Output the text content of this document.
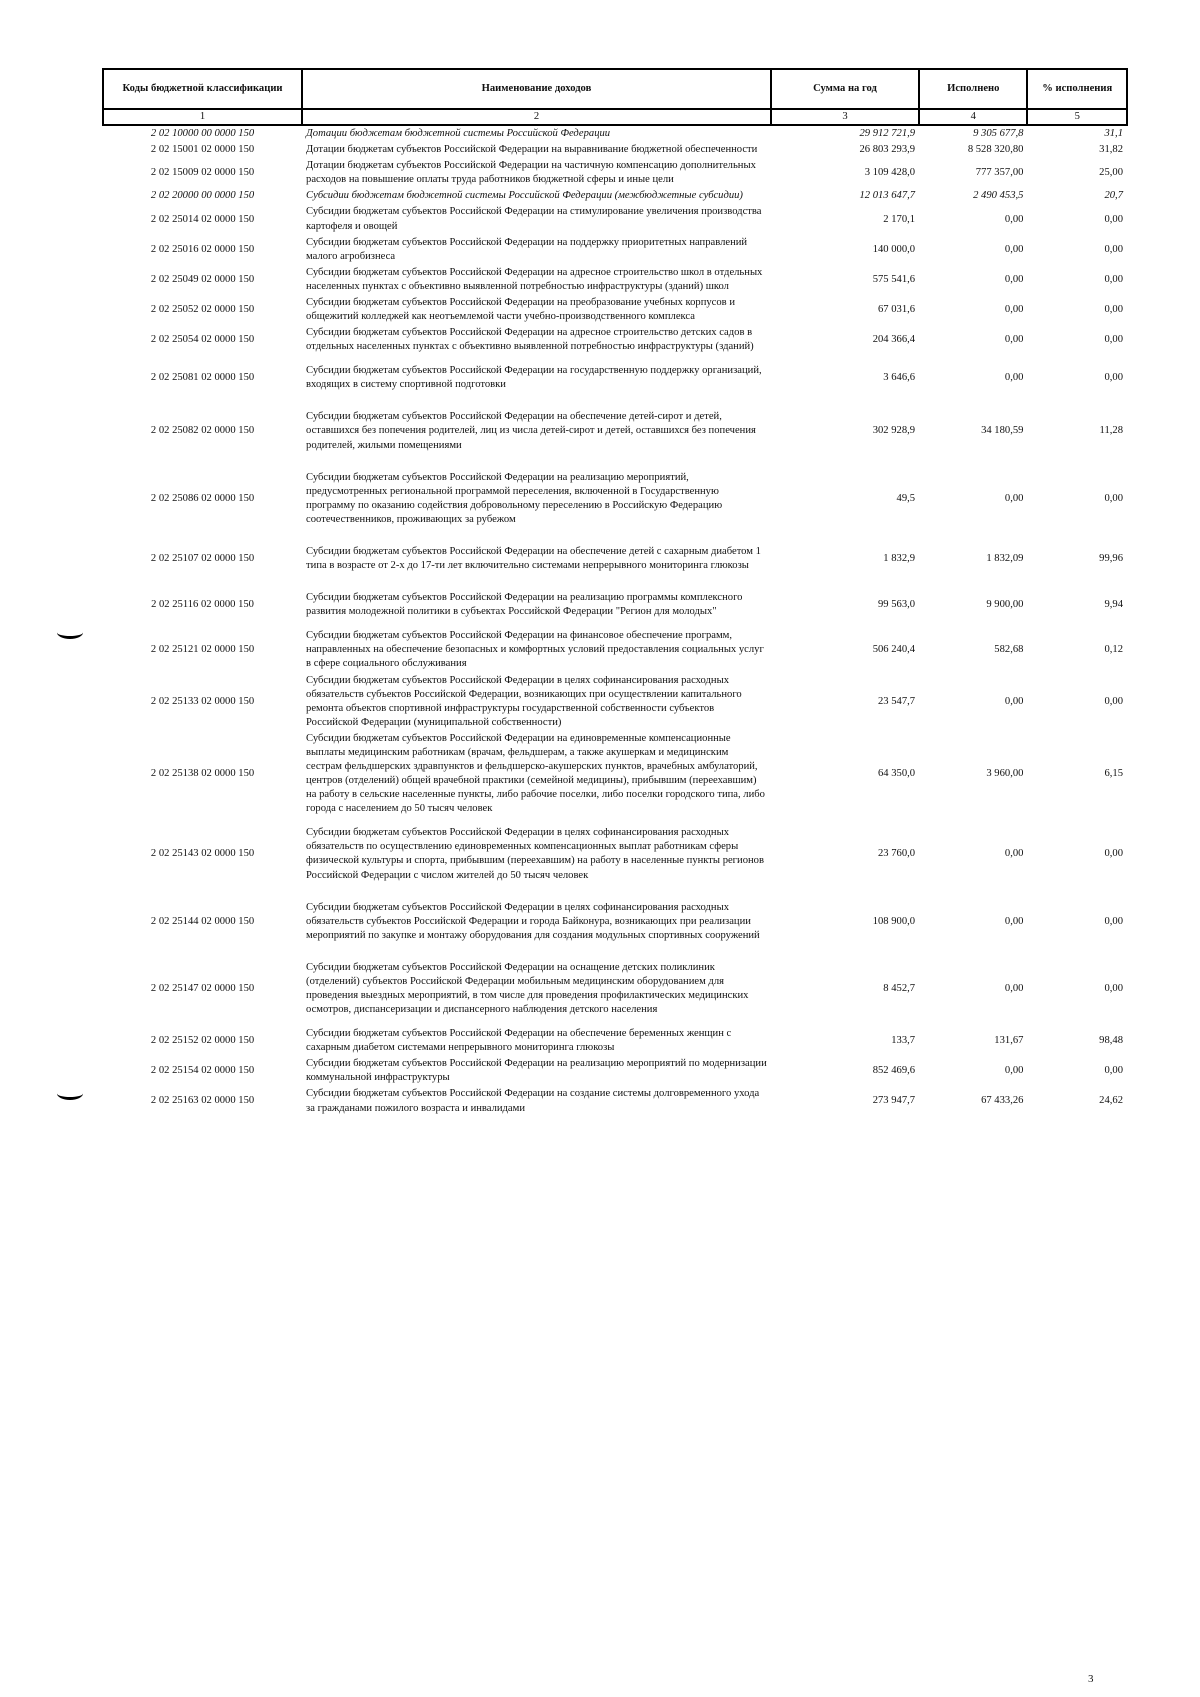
Коды бюджетной классификации	Наименование доходов	Сумма на год	Исполнено	% исполнения
1	2	3	4	5
2 02 10000 00 0000 150	Дотации бюджетам бюджетной системы Российской Федерации	29 912 721,9	9 305 677,8	31,1
2 02 15001 02 0000 150	Дотации бюджетам субъектов Российской Федерации на выравнивание бюджетной обеспеченности	26 803 293,9	8 528 320,80	31,82
2 02 15009 02 0000 150	Дотации бюджетам субъектов Российской Федерации на частичную компенсацию дополнительных расходов на повышение оплаты труда работников бюджетной сферы и иные цели	3 109 428,0	777 357,00	25,00
2 02 20000 00 0000 150	Субсидии бюджетам бюджетной системы Российской Федерации (межбюджетные субсидии)	12 013 647,7	2 490 453,5	20,7
2 02 25014 02 0000 150	Субсидии бюджетам субъектов Российской Федерации на стимулирование увеличения производства картофеля и овощей	2 170,1	0,00	0,00
2 02 25016 02 0000 150	Субсидии бюджетам субъектов Российской Федерации на поддержку приоритетных направлений малого агробизнеса	140 000,0	0,00	0,00
2 02 25049 02 0000 150	Субсидии бюджетам субъектов Российской Федерации на адресное строительство школ в отдельных населенных пунктах с объективно выявленной потребностью инфраструктуры (зданий) школ	575 541,6	0,00	0,00
2 02 25052 02 0000 150	Субсидии бюджетам субъектов Российской Федерации на преобразование учебных корпусов и общежитий колледжей как неотъемлемой части учебно-производственного комплекса	67 031,6	0,00	0,00
2 02 25054 02 0000 150	Субсидии бюджетам субъектов Российской Федерации на адресное строительство детских садов в отдельных населенных пунктах с объективно выявленной потребностью инфраструктуры (зданий)	204 366,4	0,00	0,00
2 02 25081 02 0000 150	Субсидии бюджетам субъектов Российской Федерации на государственную поддержку организаций, входящих в систему спортивной подготовки	3 646,6	0,00	0,00
2 02 25082 02 0000 150	Субсидии бюджетам субъектов Российской Федерации на обеспечение детей-сирот и детей, оставшихся без попечения родителей, лиц из числа детей-сирот и детей, оставшихся без попечения родителей, жилыми помещениями	302 928,9	34 180,59	11,28
2 02 25086 02 0000 150	Субсидии бюджетам субъектов Российской Федерации на реализацию мероприятий, предусмотренных региональной программой переселения, включенной в Государственную программу по оказанию содействия добровольному переселению в Российскую Федерацию соотечественников, проживающих за рубежом	49,5	0,00	0,00
2 02 25107 02 0000 150	Субсидии бюджетам субъектов Российской Федерации на обеспечение детей с сахарным диабетом 1 типа в возрасте от 2-х до 17-ти лет включительно системами непрерывного мониторинга глюкозы	1 832,9	1 832,09	99,96
2 02 25116 02 0000 150	Субсидии бюджетам субъектов Российской Федерации на реализацию программы комплексного развития молодежной политики в субъектах Российской Федерации "Регион для молодых"	99 563,0	9 900,00	9,94
2 02 25121 02 0000 150	Субсидии бюджетам субъектов Российской Федерации на финансовое обеспечение программ, направленных на обеспечение безопасных и комфортных условий предоставления социальных услуг в сфере социального обслуживания	506 240,4	582,68	0,12
2 02 25133 02 0000 150	Субсидии бюджетам субъектов Российской Федерации в целях софинансирования расходных обязательств субъектов Российской Федерации, возникающих при осуществлении капитального ремонта объектов спортивной инфраструктуры государственной собственности субъектов Российской Федерации (муниципальной собственности)	23 547,7	0,00	0,00
2 02 25138 02 0000 150	Субсидии бюджетам субъектов Российской Федерации на единовременные компенсационные выплаты медицинским работникам (врачам, фельдшерам, а также акушеркам и медицинским сестрам фельдшерских здравпунктов и фельдшерско-акушерских пунктов, врачебных амбулаторий, центров (отделений) общей врачебной практики (семейной медицины), прибывшим (переехавшим) на работу в сельские населенные пункты, либо рабочие поселки, либо поселки городского типа, либо города с населением до 50 тысяч человек	64 350,0	3 960,00	6,15
2 02 25143 02 0000 150	Субсидии бюджетам субъектов Российской Федерации в целях софинансирования расходных обязательств по осуществлению единовременных компенсационных выплат работникам сферы физической культуры и спорта, прибывшим (переехавшим) на работу в населенные пункты регионов Российской Федерации с числом жителей до 50 тысяч человек	23 760,0	0,00	0,00
2 02 25144 02 0000 150	Субсидии бюджетам субъектов Российской Федерации в целях софинансирования расходных обязательств субъектов Российской Федерации и города Байконура, возникающих при реализации мероприятий по закупке и монтажу оборудования для создания модульных спортивных сооружений	108 900,0	0,00	0,00
2 02 25147 02 0000 150	Субсидии бюджетам субъектов Российской Федерации на оснащение детских поликлиник (отделений) субъектов Российской Федерации мобильным медицинским оборудованием для проведения выездных мероприятий, в том числе для проведения профилактических медицинских осмотров, диспансеризации и диспансерного наблюдения детского населения	8 452,7	0,00	0,00
2 02 25152 02 0000 150	Субсидии бюджетам субъектов Российской Федерации на обеспечение беременных женщин с сахарным диабетом системами непрерывного мониторинга глюкозы	133,7	131,67	98,48
2 02 25154 02 0000 150	Субсидии бюджетам субъектов Российской Федерации на реализацию мероприятий по модернизации коммунальной инфраструктуры	852 469,6	0,00	0,00
2 02 25163 02 0000 150	Субсидии бюджетам субъектов Российской Федерации на создание системы долговременного ухода за гражданами пожилого возраста и инвалидами	273 947,7	67 433,26	24,62
3
